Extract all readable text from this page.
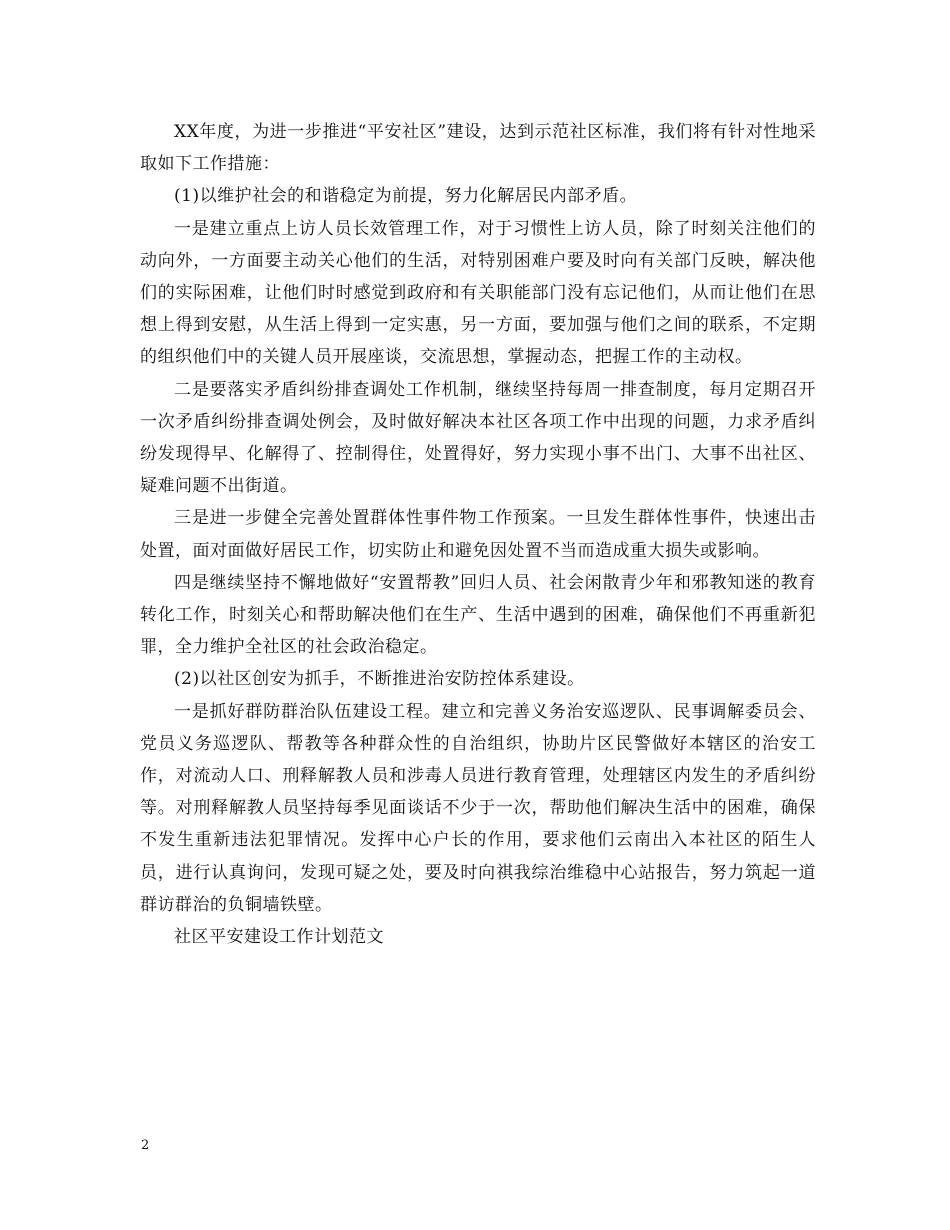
XX年度，为进一步推进“平安社区”建设，达到示范社区标准，我们将有针对性地采取如下工作措施：

(1)以维护社会的和谐稳定为前提，努力化解居民内部矛盾。

一是建立重点上访人员长效管理工作，对于习惯性上访人员，除了时刻关注他们的动向外，一方面要主动关心他们的生活，对特别困难户要及时向有关部门反映，解决他们的实际困难，让他们时时感觉到政府和有关职能部门没有忘记他们，从而让他们在思想上得到安慰，从生活上得到一定实惠，另一方面，要加强与他们之间的联系，不定期的组织他们中的关键人员开展座谈，交流思想，掌握动态，把握工作的主动权。

二是要落实矛盾纠纷排查调处工作机制，继续坚持每周一排查制度，每月定期召开一次矛盾纠纷排查调处例会，及时做好解决本社区各项工作中出现的问题，力求矛盾纠纷发现得早、化解得了、控制得住，处置得好，努力实现小事不出门、大事不出社区、疑难问题不出街道。

三是进一步健全完善处置群体性事件物工作预案。一旦发生群体性事件，快速出击处置，面对面做好居民工作，切实防止和避免因处置不当而造成重大损失或影响。

四是继续坚持不懈地做好“安置帮教”回归人员、社会闲散青少年和邪教知迷的教育转化工作，时刻关心和帮助解决他们在生产、生活中遇到的困难，确保他们不再重新犯罪，全力维护全社区的社会政治稳定。

(2)以社区创安为抓手，不断推进治安防控体系建设。

一是抓好群防群治队伍建设工程。建立和完善义务治安巡逻队、民事调解委员会、党员义务巡逻队、帮教等各种群众性的自治组织，协助片区民警做好本辖区的治安工作，对流动人口、刑释解教人员和涉毒人员进行教育管理，处理辖区内发生的矛盾纠纷等。对刑释解教人员坚持每季见面谈话不少于一次，帮助他们解决生活中的困难，确保不发生重新违法犯罪情况。发挥中心户长的作用，要求他们云南出入本社区的陌生人员，进行认真询问，发现可疑之处，要及时向祺我综治维稳中心站报告，努力筑起一道群访群治的负铜墙铁壁。

社区平安建设工作计划范文

2
